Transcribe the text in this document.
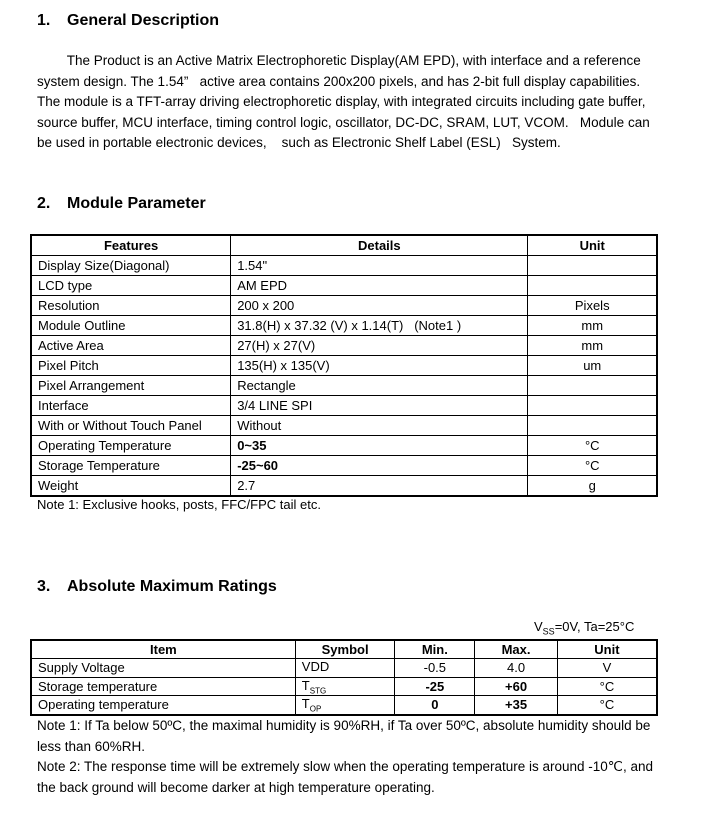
1. General Description
The Product is an Active Matrix Electrophoretic Display(AM EPD), with interface and a reference
system design. The 1.54”   active area contains 200x200 pixels, and has 2-bit full display capabilities.
The module is a TFT-array driving electrophoretic display, with integrated circuits including gate buffer,
source buffer, MCU interface, timing control logic, oscillator, DC-DC, SRAM, LUT, VCOM.   Module can
be used in portable electronic devices,    such as Electronic Shelf Label (ESL)   System.
2. Module Parameter
Features	Details	Unit
Display Size(Diagonal)	1.54"	
LCD type	AM EPD	
Resolution	200 x 200	Pixels
Module Outline	31.8(H) x 37.32 (V) x 1.14(T)   (Note1 )	mm
Active Area	27(H) x 27(V)	mm
Pixel Pitch	135(H) x 135(V)	um
Pixel Arrangement	Rectangle	
Interface	3/4 LINE SPI	
With or Without Touch Panel	Without	
Operating Temperature	0~35	°C
Storage Temperature	-25~60	°C
Weight	2.7	g
Note 1: Exclusive hooks, posts, FFC/FPC tail etc.
3. Absolute Maximum Ratings
$V_{SS}=0V$, Ta=25°C
Item	Symbol	Min.	Max.	Unit
Supply Voltage	VDD	-0.5	4.0	V
Storage temperature	$T_{STG}$	-25	+60	°C
Operating temperature	$T_{OP}$	0	+35	°C
Note 1: If Ta below 50ºC, the maximal humidity is 90%RH, if Ta over 50ºC, absolute humidity should be
less than 60%RH.
Note 2: The response time will be extremely slow when the operating temperature is around -10℃, and
the back ground will become darker at high temperature operating.
